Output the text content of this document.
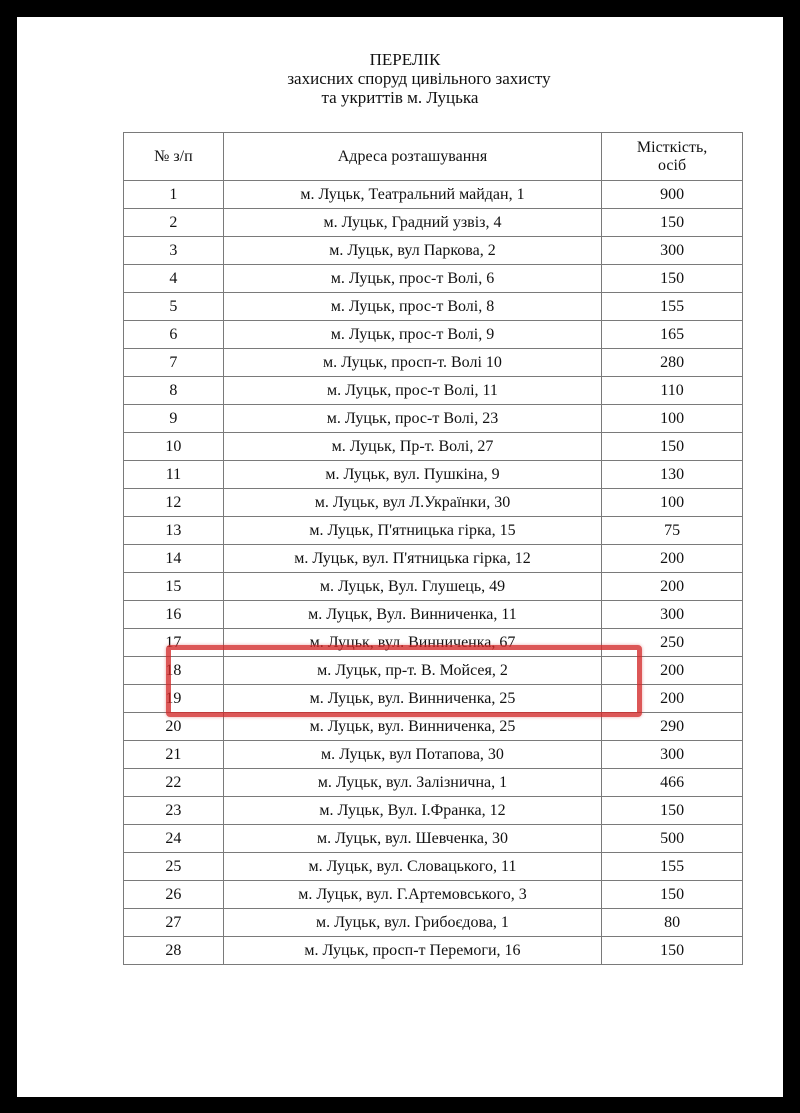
ПЕРЕЛІК
захисних споруд цивільного захисту
та укриттів м. Луцька
№ з/п	Адреса розташування	Місткість,
осіб
1	м. Луцьк, Театральний майдан, 1	900
2	м. Луцьк, Градний узвіз, 4	150
3	м. Луцьк, вул Паркова, 2	300
4	м. Луцьк, прос-т Волі, 6	150
5	м. Луцьк, прос-т Волі, 8	155
6	м. Луцьк, прос-т Волі, 9	165
7	м. Луцьк, просп-т. Волі 10	280
8	м. Луцьк, прос-т Волі, 11	110
9	м. Луцьк, прос-т Волі, 23	100
10	м. Луцьк, Пр-т. Волі, 27	150
11	м. Луцьк, вул. Пушкіна, 9	130
12	м. Луцьк, вул Л.Українки, 30	100
13	м. Луцьк, П'ятницька гірка, 15	75
14	м. Луцьк, вул. П'ятницька гірка, 12	200
15	м. Луцьк, Вул. Глушець, 49	200
16	м. Луцьк, Вул. Винниченка, 11	300
17	м. Луцьк, вул. Винниченка, 67	250
18	м. Луцьк, пр-т. В. Мойсея, 2	200
19	м. Луцьк, вул. Винниченка, 25	200
20	м. Луцьк, вул. Винниченка, 25	290
21	м. Луцьк, вул Потапова, 30	300
22	м. Луцьк, вул. Залізнична, 1	466
23	м. Луцьк, Вул. І.Франка, 12	150
24	м. Луцьк, вул. Шевченка, 30	500
25	м. Луцьк, вул. Словацького, 11	155
26	м. Луцьк, вул. Г.Артемовського, 3	150
27	м. Луцьк, вул. Грибоєдова, 1	80
28	м. Луцьк, просп-т Перемоги, 16	150
